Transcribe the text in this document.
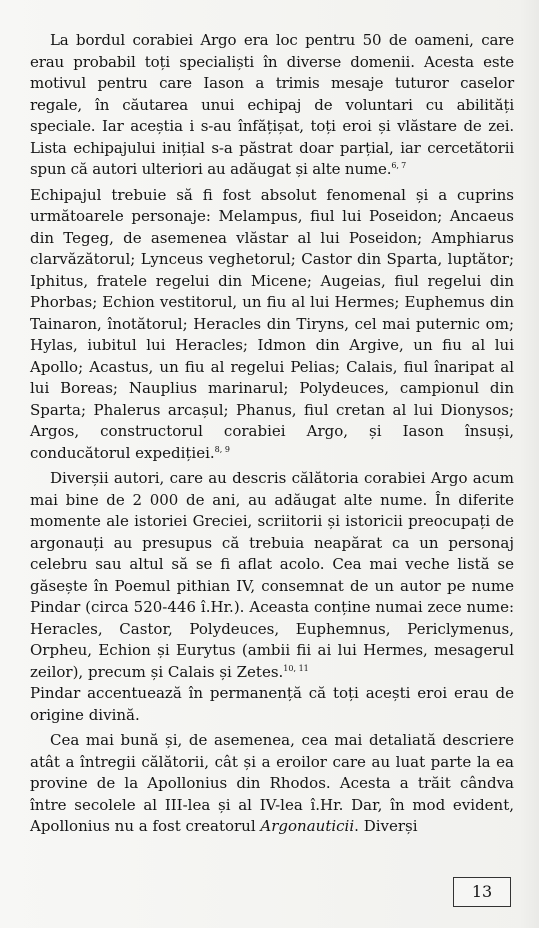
La bordul corabiei Argo era loc pentru 50 de oameni, care erau probabil toți specialiști în diverse domenii. Acesta este motivul pentru care Iason a trimis mesaje tuturor caselor regale, în căutarea unui echipaj de voluntari cu abilități speciale. Iar aceștia i s-au înfățișat, toți eroi și vlăstare de zei. Lista echipajului inițial s-a păstrat doar parțial, iar cercetătorii spun că autori ulteriori au adăugat și alte nume.$^{6, 7}$

Echipajul trebuie să fi fost absolut fenomenal și a cuprins următoarele personaje: Melampus, fiul lui Poseidon; Ancaeus din Tegeg, de asemenea vlăstar al lui Poseidon; Amphiarus clarvăzătorul; Lynceus veghetorul; Castor din Sparta, luptător; Iphitus, fratele regelui din Micene; Augeias, fiul regelui din Phorbas; Echion vestitorul, un fiu al lui Hermes; Euphemus din Tainaron, înotătorul; Heracles din Tiryns, cel mai puternic om; Hylas, iubitul lui Heracles; Idmon din Argive, un fiu al lui Apollo; Acastus, un fiu al regelui Pelias; Calais, fiul înaripat al lui Boreas; Nauplius marinarul; Polydeuces, campionul din Sparta; Phalerus arcașul; Phanus, fiul cretan al lui Dionysos; Argos, constructorul corabiei Argo, și Iason însuși, conducătorul expediției.$^{8, 9}$

Diverșii autori, care au descris călătoria corabiei Argo acum mai bine de 2 000 de ani, au adăugat alte nume. În diferite momente ale istoriei Greciei, scriitorii și istoricii preocupați de argonauți au presupus că trebuia neapărat ca un personaj celebru sau altul să se fi aflat acolo. Cea mai veche listă se găsește în Poemul pithian IV, consemnat de un autor pe nume Pindar (circa 520-446 î.Hr.). Aceasta conține numai zece nume: Heracles, Castor, Polydeuces, Euphemnus, Periclymenus, Orpheu, Echion și Eurytus (ambii fii ai lui Hermes, mesagerul zeilor), precum și Calais și Zetes.$^{10, 11}$

Pindar accentuează în permanență că toți acești eroi erau de origine divină.

Cea mai bună și, de asemenea, cea mai detaliată descriere atât a întregii călătorii, cât și a eroilor care au luat parte la ea provine de la Apollonius din Rhodos. Acesta a trăit cândva între secolele al III-lea și al IV-lea î.Hr. Dar, în mod evident, Apollonius nu a fost creatorul Argonauticii. Diverși

13
